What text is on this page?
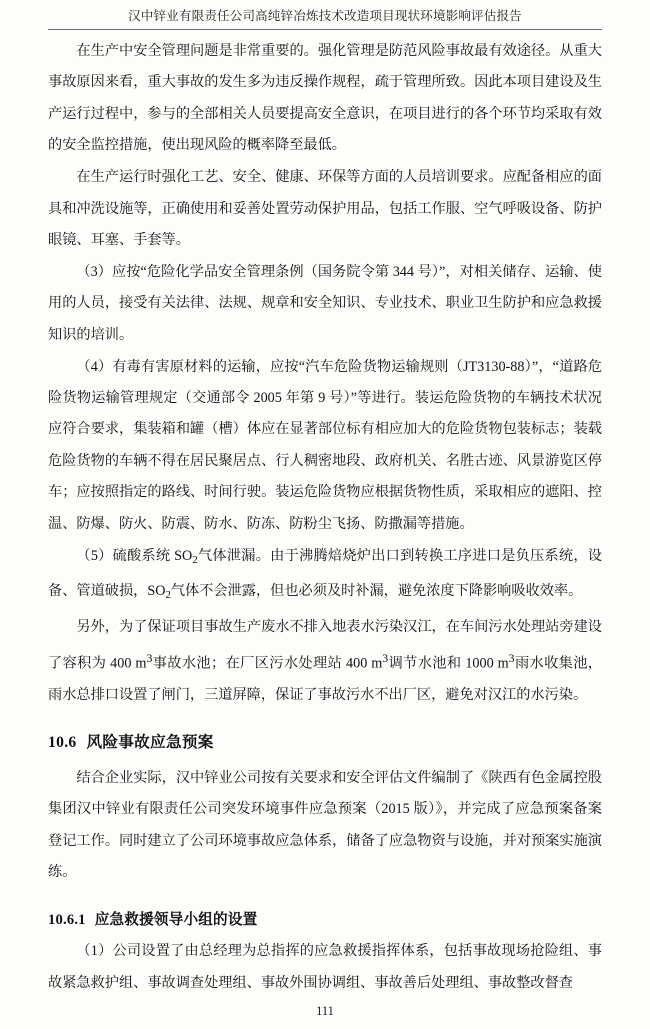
汉中锌业有限责任公司高纯锌冶炼技术改造项目现状环境影响评估报告

在生产中安全管理问题是非常重要的。强化管理是防范风险事故最有效途径。从重大事故原因来看，重大事故的发生多为违反操作规程，疏于管理所致。因此本项目建设及生产运行过程中，参与的全部相关人员要提高安全意识，在项目进行的各个环节均采取有效的安全监控措施，使出现风险的概率降至最低。

在生产运行时强化工艺、安全、健康、环保等方面的人员培训要求。应配备相应的面具和冲洗设施等，正确使用和妥善处置劳动保护用品，包括工作服、空气呼吸设备、防护眼镜、耳塞、手套等。

（3）应按“危险化学品安全管理条例（国务院令第 344 号）”，对相关储存、运输、使用的人员，接受有关法律、法规、规章和安全知识、专业技术、职业卫生防护和应急救援知识的培训。

（4）有毒有害原材料的运输，应按“汽车危险货物运输规则（JT3130-88）”，“道路危险货物运输管理规定（交通部令 2005 年第 9 号）”等进行。装运危险货物的车辆技术状况应符合要求，集装箱和罐（槽）体应在显著部位标有相应加大的危险货物包装标志；装载危险货物的车辆不得在居民聚居点、行人稠密地段、政府机关、名胜古迹、风景游览区停车；应按照指定的路线、时间行驶。装运危险货物应根据货物性质，采取相应的遮阳、控温、防爆、防火、防震、防水、防冻、防粉尘飞扬、防撒漏等措施。

（5）硫酸系统 $SO_2$气体泄漏。由于沸腾焙烧炉出口到转换工序进口是负压系统，设备、管道破损，$SO_2$气体不会泄露，但也必须及时补漏，避免浓度下降影响吸收效率。

另外，为了保证项目事故生产废水不排入地表水污染汉江，在车间污水处理站旁建设了容积为 400 $m^3$事故水池；在厂区污水处理站 400 $m^3$调节水池和 1000 $m^3$雨水收集池，雨水总排口设置了闸门，三道屏障，保证了事故污水不出厂区，避免对汉江的水污染。

10.6 风险事故应急预案

结合企业实际，汉中锌业公司按有关要求和安全评估文件编制了《陕西有色金属控股集团汉中锌业有限责任公司突发环境事件应急预案（2015 版）》，并完成了应急预案备案登记工作。同时建立了公司环境事故应急体系，储备了应急物资与设施，并对预案实施演练。

10.6.1 应急救援领导小组的设置

（1）公司设置了由总经理为总指挥的应急救援指挥体系，包括事故现场抢险组、事故紧急救护组、事故调查处理组、事故外围协调组、事故善后处理组、事故整改督查

111
